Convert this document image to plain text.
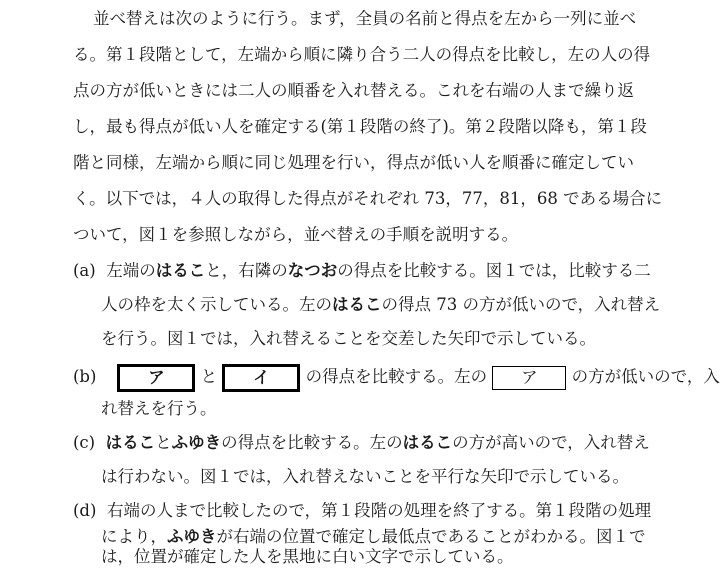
並べ替えは次のように行う。まず，全員の名前と得点を左から一列に並べ
る。第１段階として，左端から順に隣り合う二人の得点を比較し，左の人の得
点の方が低いときには二人の順番を入れ替える。これを右端の人まで繰り返
し，最も得点が低い人を確定する(第１段階の終了)。第２段階以降も，第１段
階と同様，左端から順に同じ処理を行い，得点が低い人を順番に確定してい
く。以下では，４人の取得した得点がそれぞれ 73，77，81，68 である場合に
ついて，図１を参照しながら，並べ替えの手順を説明する。
(a) 左端のはること，右隣のなつおの得点を比較する。図１では，比較する二
人の枠を太く示している。左のはるこの得点 73 の方が低いので，入れ替え
を行う。図１では，入れ替えることを交差した矢印で示している。
(b)	ア と イ の得点を比較する。左の ア の方が低いので，入
れ替えを行う。
(c) はることふゆきの得点を比較する。左のはるこの方が高いので，入れ替え
は行わない。図１では，入れ替えないことを平行な矢印で示している。
(d) 右端の人まで比較したので，第１段階の処理を終了する。第１段階の処理
により，ふゆきが右端の位置で確定し最低点であることがわかる。図１で
は，位置が確定した人を黒地に白い文字で示している。
